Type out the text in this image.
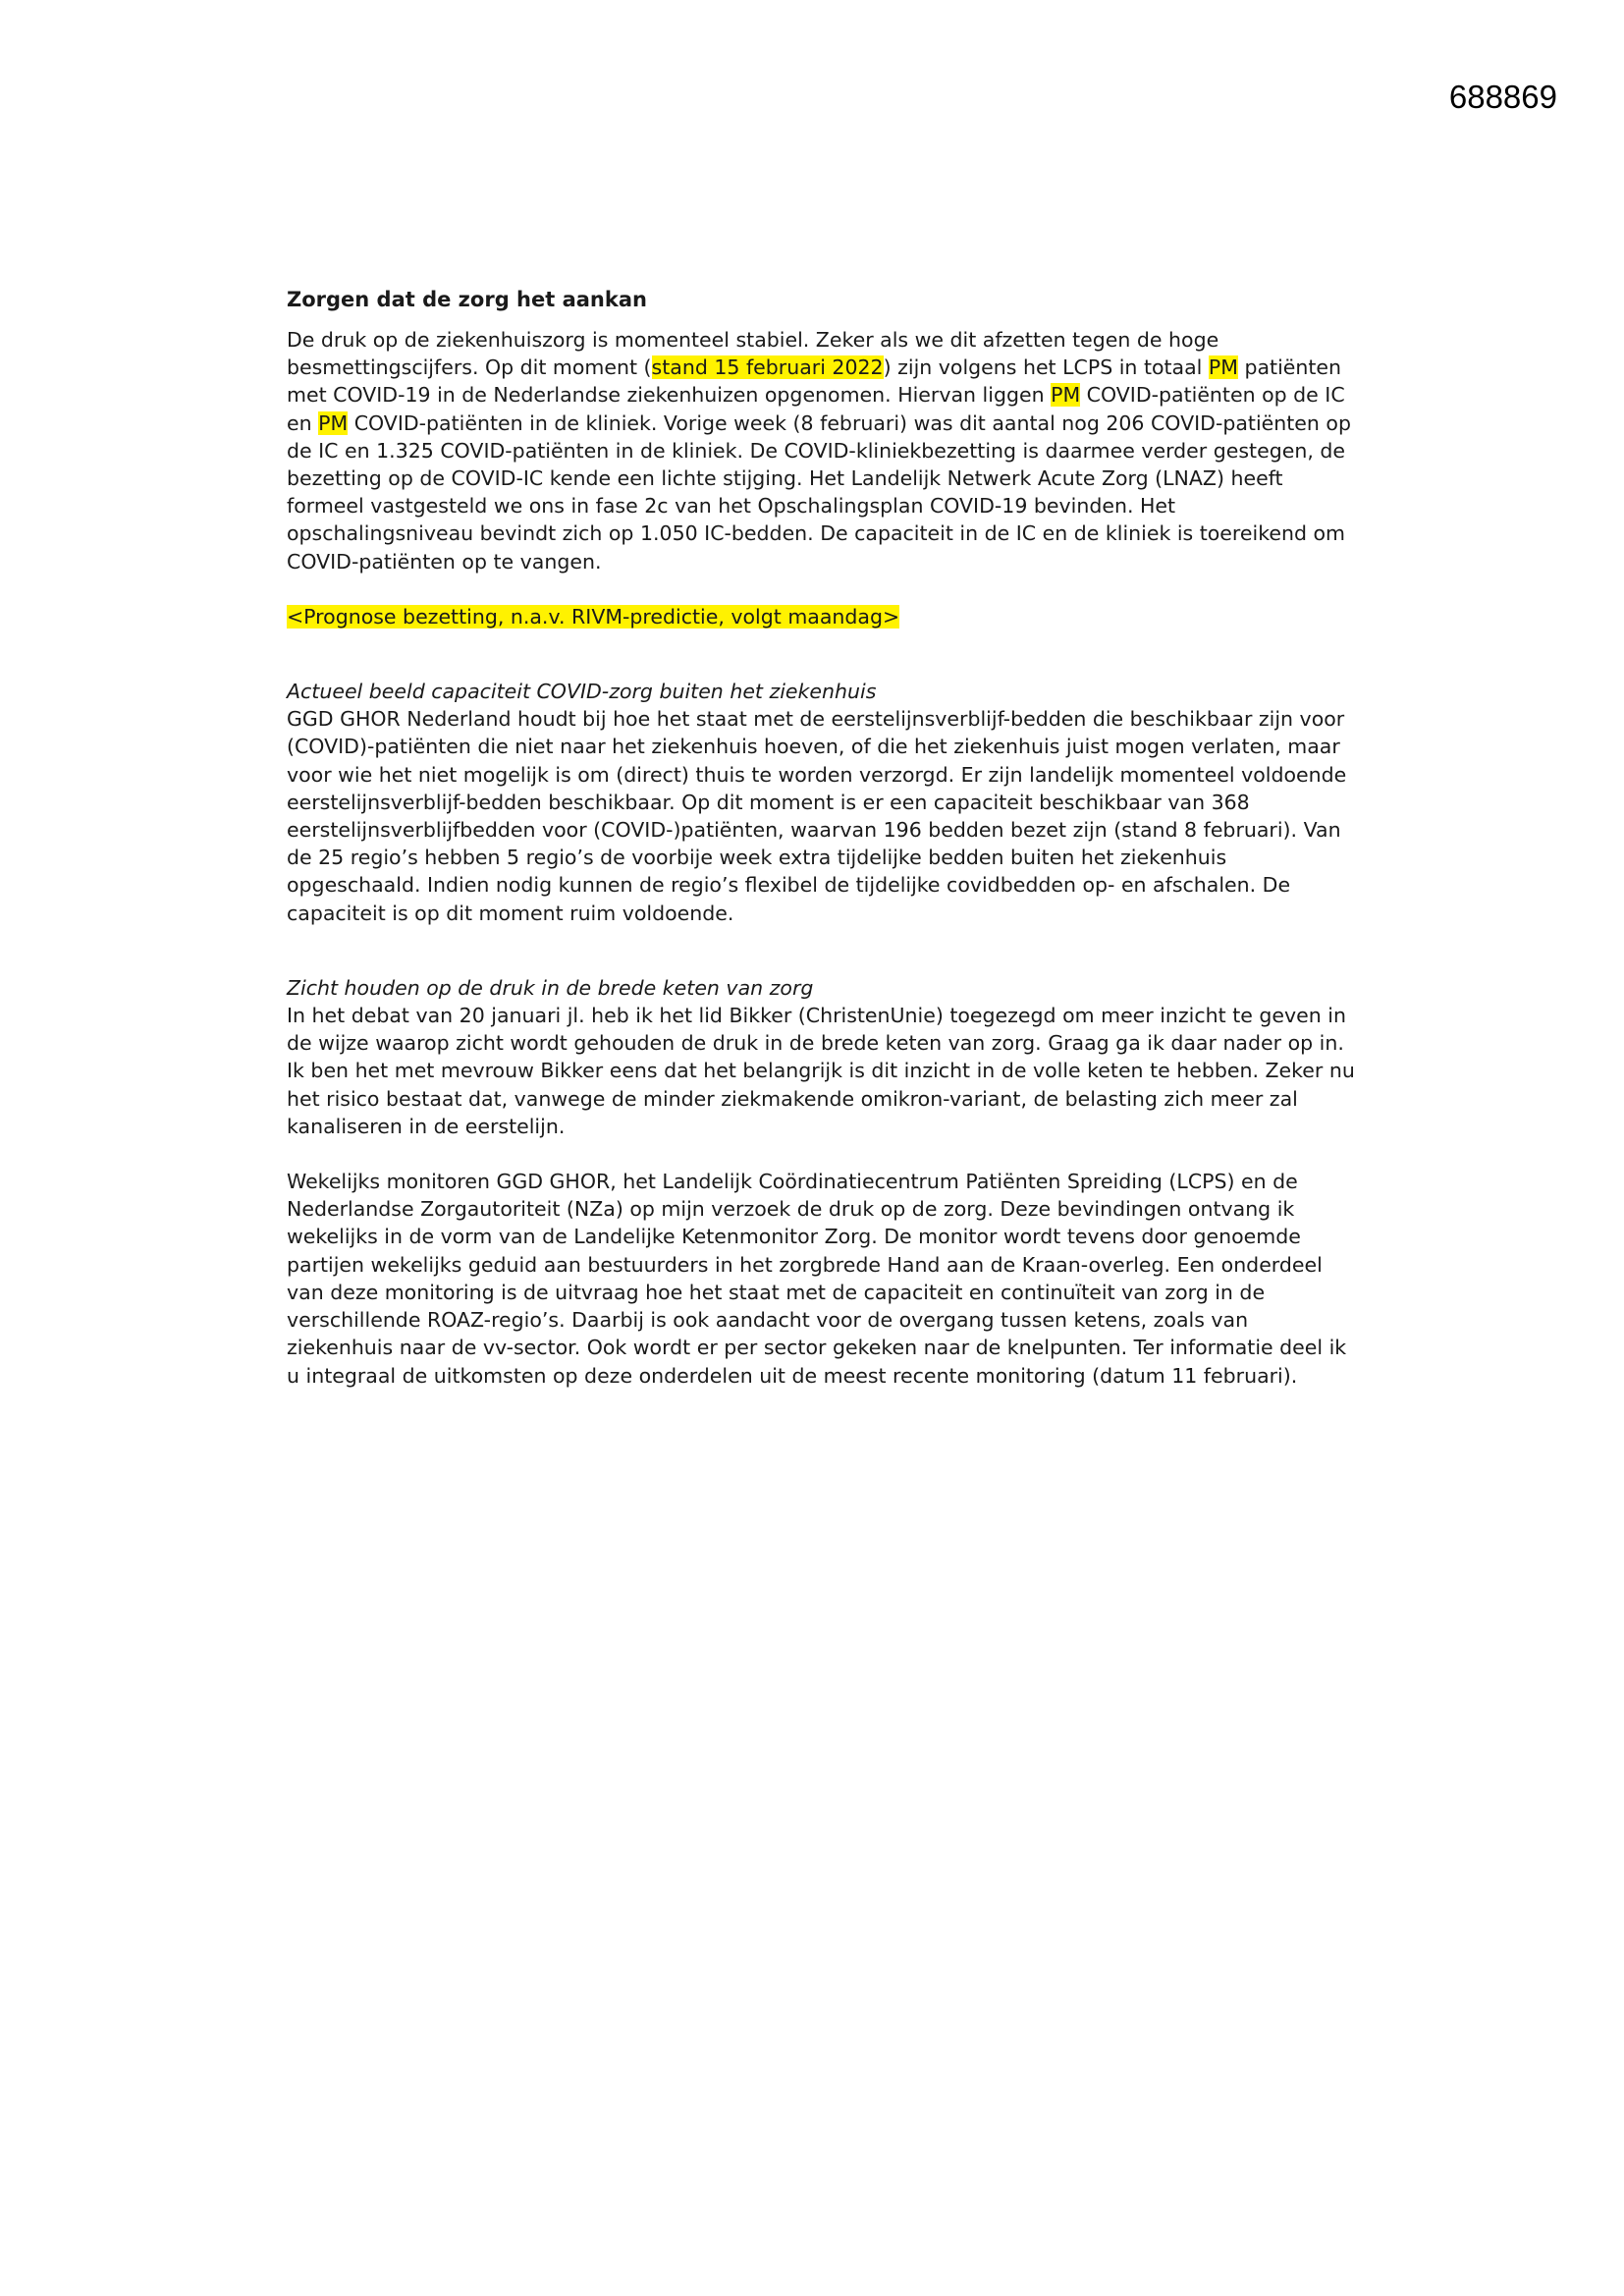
688869
Zorgen dat de zorg het aankan

De druk op de ziekenhuiszorg is momenteel stabiel. Zeker als we dit afzetten tegen de hoge besmettingscijfers. Op dit moment (stand 15 februari 2022) zijn volgens het LCPS in totaal PM patiënten met COVID-19 in de Nederlandse ziekenhuizen opgenomen. Hiervan liggen PM COVID-patiënten op de IC en PM COVID-patiënten in de kliniek. Vorige week (8 februari) was dit aantal nog 206 COVID-patiënten op de IC en 1.325 COVID-patiënten in de kliniek. De COVID-kliniekbezetting is daarmee verder gestegen, de bezetting op de COVID-IC kende een lichte stijging. Het Landelijk Netwerk Acute Zorg (LNAZ) heeft formeel vastgesteld we ons in fase 2c van het Opschalingsplan COVID-19 bevinden. Het opschalingsniveau bevindt zich op 1.050 IC-bedden. De capaciteit in de IC en de kliniek is toereikend om COVID-patiënten op te vangen.

<Prognose bezetting, n.a.v. RIVM-predictie, volgt maandag>

Actueel beeld capaciteit COVID-zorg buiten het ziekenhuis

GGD GHOR Nederland houdt bij hoe het staat met de eerstelijnsverblijf-bedden die beschikbaar zijn voor (COVID)-patiënten die niet naar het ziekenhuis hoeven, of die het ziekenhuis juist mogen verlaten, maar voor wie het niet mogelijk is om (direct) thuis te worden verzorgd. Er zijn landelijk momenteel voldoende eerstelijnsverblijf-bedden beschikbaar. Op dit moment is er een capaciteit beschikbaar van 368 eerstelijnsverblijfbedden voor (COVID-)patiënten, waarvan 196 bedden bezet zijn (stand 8 februari). Van de 25 regio’s hebben 5 regio’s de voorbije week extra tijdelijke bedden buiten het ziekenhuis opgeschaald. Indien nodig kunnen de regio’s flexibel de tijdelijke covidbedden op- en afschalen. De capaciteit is op dit moment ruim voldoende.

Zicht houden op de druk in de brede keten van zorg

In het debat van 20 januari jl. heb ik het lid Bikker (ChristenUnie) toegezegd om meer inzicht te geven in de wijze waarop zicht wordt gehouden de druk in de brede keten van zorg. Graag ga ik daar nader op in. Ik ben het met mevrouw Bikker eens dat het belangrijk is dit inzicht in de volle keten te hebben. Zeker nu het risico bestaat dat, vanwege de minder ziekmakende omikron-variant, de belasting zich meer zal kanaliseren in de eerstelijn.

Wekelijks monitoren GGD GHOR, het Landelijk Coördinatiecentrum Patiënten Spreiding (LCPS) en de Nederlandse Zorgautoriteit (NZa) op mijn verzoek de druk op de zorg. Deze bevindingen ontvang ik wekelijks in de vorm van de Landelijke Ketenmonitor Zorg. De monitor wordt tevens door genoemde partijen wekelijks geduid aan bestuurders in het zorgbrede Hand aan de Kraan-overleg. Een onderdeel van deze monitoring is de uitvraag hoe het staat met de capaciteit en continuïteit van zorg in de verschillende ROAZ-regio’s. Daarbij is ook aandacht voor de overgang tussen ketens, zoals van ziekenhuis naar de vv-sector. Ook wordt er per sector gekeken naar de knelpunten. Ter informatie deel ik u integraal de uitkomsten op deze onderdelen uit de meest recente monitoring (datum 11 februari).
